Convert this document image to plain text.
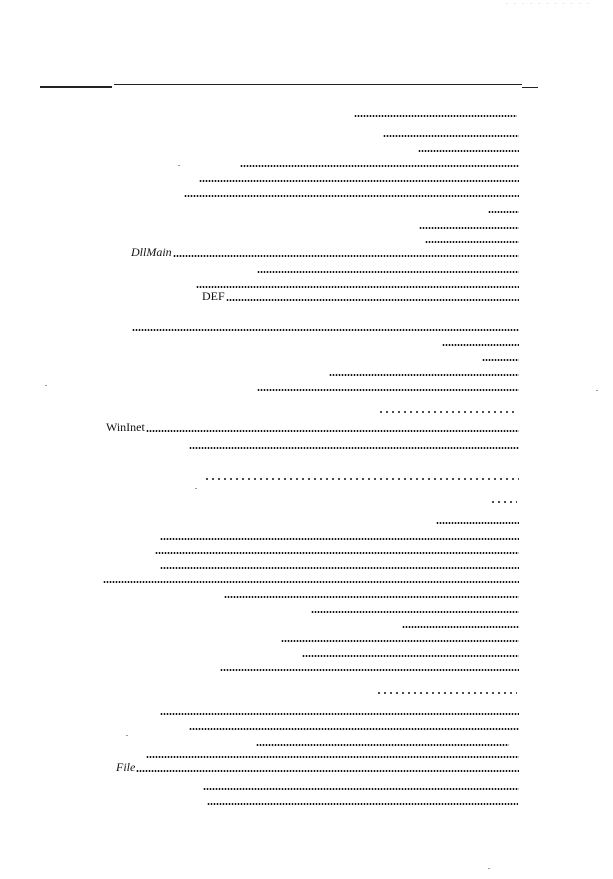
· · · · · · · · · · ·
DllMain
DEF
WinInet
File
